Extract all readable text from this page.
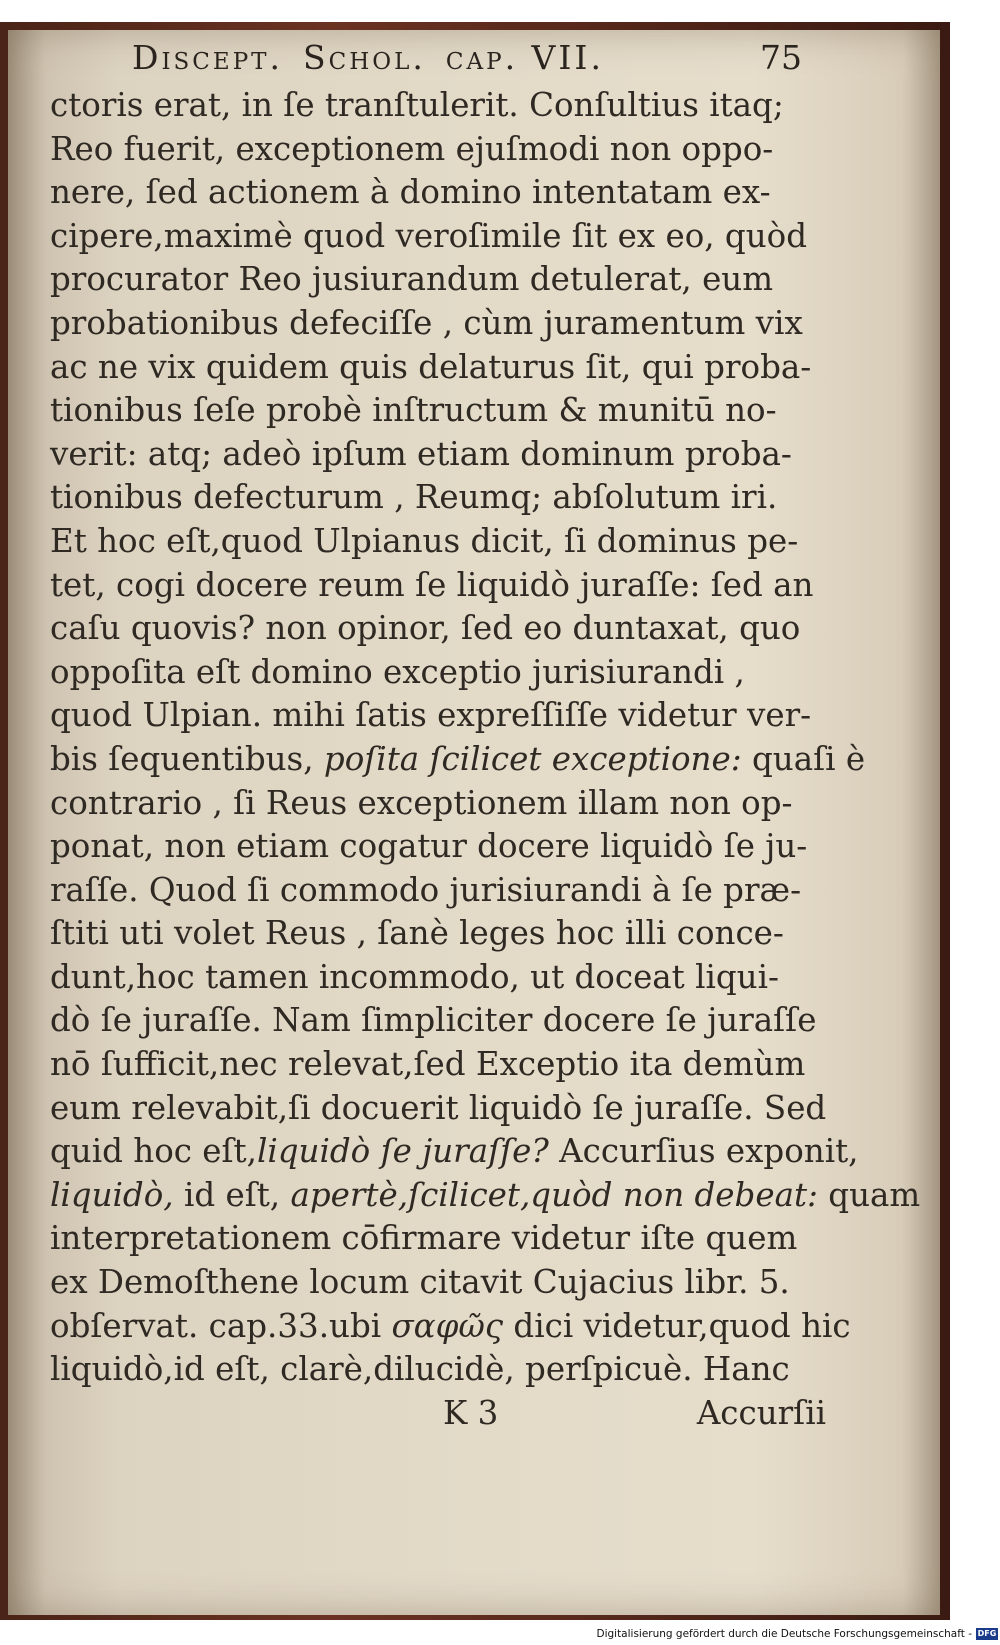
Discept. Schol. cap. VII.	75
ctoris erat, in ſe tranſtulerit. Conſultius itaq;
Reo fuerit, exceptionem ejuſmodi non oppo-
nere, ſed actionem à domino intentatam ex-
cipere,maximè quod veroſimile ſit ex eo, quòd
procurator Reo jusiurandum detulerat, eum
probationibus defeciſſe , cùm juramentum vix
ac ne vix quidem quis delaturus ſit, qui proba-
tionibus ſeſe probè inſtructum & munitū no-
verit: atq; adeò ipſum etiam dominum proba-
tionibus defecturum , Reumq; abſolutum iri.
Et hoc eſt,quod Ulpianus dicit, ſi dominus pe-
tet, cogi docere reum ſe liquidò juraſſe: ſed an
caſu quovis? non opinor, ſed eo duntaxat, quo
oppoſita eſt domino exceptio jurisiurandi ,
quod Ulpian. mihi ſatis expreſſiſſe videtur ver-
bis ſequentibus, poſita ſcilicet exceptione: quaſi è
contrario , ſi Reus exceptionem illam non op-
ponat, non etiam cogatur docere liquidò ſe ju-
raſſe. Quod ſi commodo jurisiurandi à ſe præ-
ſtiti uti volet Reus , ſanè leges hoc illi conce-
dunt,hoc tamen incommodo, ut doceat liqui-
dò ſe juraſſe. Nam ſimpliciter docere ſe juraſſe
nō ſufficit,nec relevat,ſed Exceptio ita demùm
eum relevabit,ſi docuerit liquidò ſe juraſſe. Sed
quid hoc eſt,liquidò ſe juraſſe? Accurſius exponit,
liquidò, id eſt, apertè,ſcilicet,quòd non debeat: quam
interpretationem cōfirmare videtur iſte quem
ex Demoſthene locum citavit Cujacius libr. 5.
obſervat. cap.33.ubi σαφῶς dici videtur,quod hic
liquidò,id eſt, clarè,dilucidè, perſpicuè. Hanc
K 3	Accurſii
Digitalisierung gefördert durch die Deutsche Forschungsgemeinschaft - DFG
